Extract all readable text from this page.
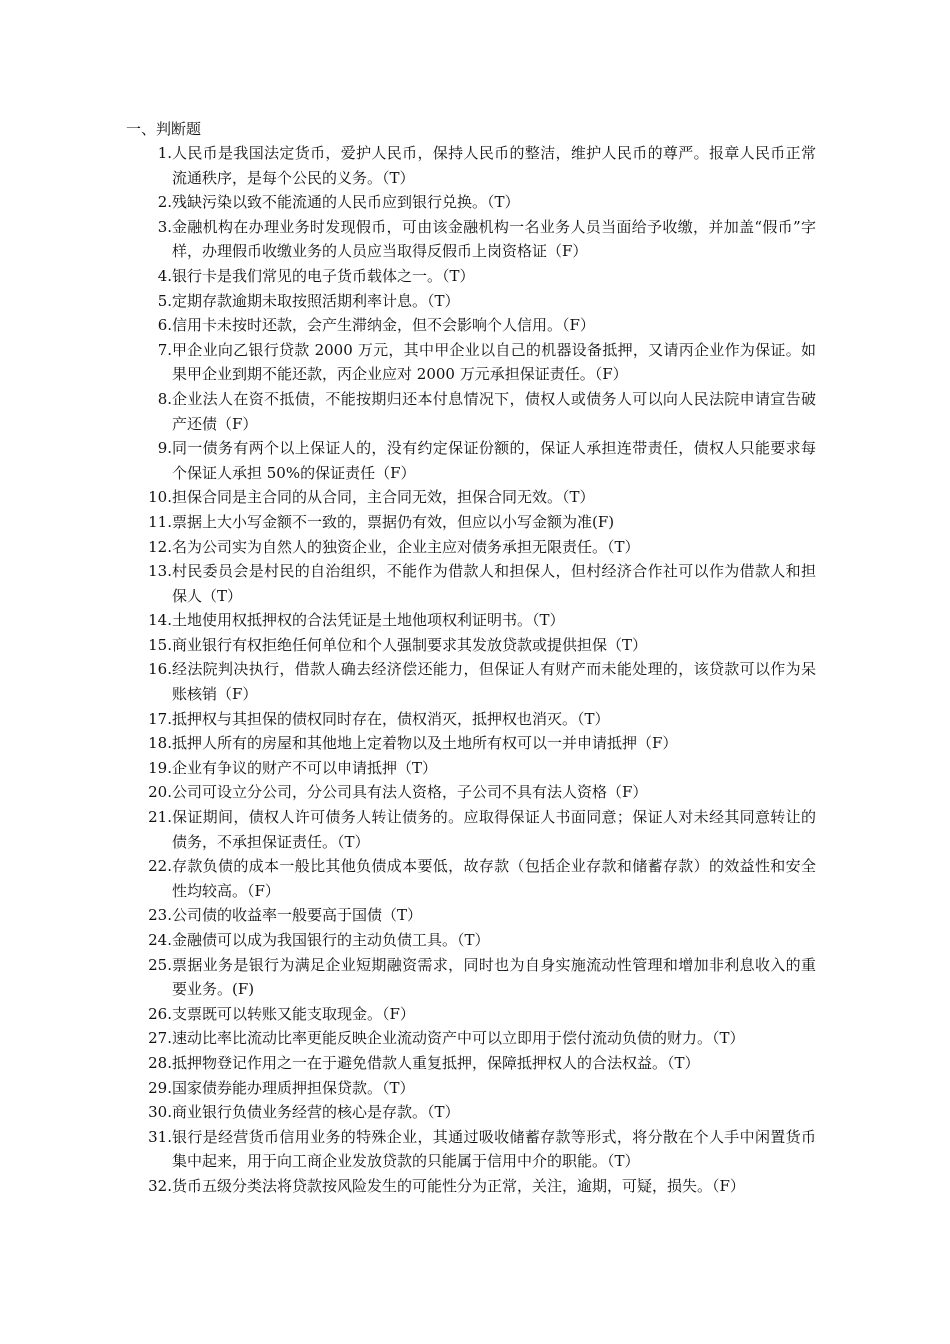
一、判断题
1. 人民币是我国法定货币，爱护人民币，保持人民币的整洁，维护人民币的尊严。报章人民币正常流通秩序，是每个公民的义务。（T）
2. 残缺污染以致不能流通的人民币应到银行兑换。（T）
3. 金融机构在办理业务时发现假币，可由该金融机构一名业务人员当面给予收缴，并加盖“假币”字样，办理假币收缴业务的人员应当取得反假币上岗资格证（F）
4. 银行卡是我们常见的电子货币载体之一。（T）
5. 定期存款逾期未取按照活期利率计息。（T）
6. 信用卡未按时还款，会产生滞纳金，但不会影响个人信用。（F）
7. 甲企业向乙银行贷款 2000 万元，其中甲企业以自己的机器设备抵押，又请丙企业作为保证。如果甲企业到期不能还款，丙企业应对 2000 万元承担保证责任。（F）
8. 企业法人在资不抵债，不能按期归还本付息情况下，债权人或债务人可以向人民法院申请宣告破产还债（F）
9. 同一债务有两个以上保证人的，没有约定保证份额的，保证人承担连带责任，债权人只能要求每个保证人承担 50%的保证责任（F）
10. 担保合同是主合同的从合同，主合同无效，担保合同无效。（T）
11. 票据上大小写金额不一致的，票据仍有效，但应以小写金额为准(F)
12. 名为公司实为自然人的独资企业，企业主应对债务承担无限责任。（T）
13. 村民委员会是村民的自治组织，不能作为借款人和担保人，但村经济合作社可以作为借款人和担保人（T）
14. 土地使用权抵押权的合法凭证是土地他项权利证明书。（T）
15. 商业银行有权拒绝任何单位和个人强制要求其发放贷款或提供担保（T）
16. 经法院判决执行，借款人确去经济偿还能力，但保证人有财产而未能处理的，该贷款可以作为呆账核销（F）
17. 抵押权与其担保的债权同时存在，债权消灭，抵押权也消灭。（T）
18. 抵押人所有的房屋和其他地上定着物以及土地所有权可以一并申请抵押（F）
19. 企业有争议的财产不可以申请抵押（T）
20. 公司可设立分公司，分公司具有法人资格，子公司不具有法人资格（F）
21. 保证期间，债权人许可债务人转让债务的。应取得保证人书面同意；保证人对未经其同意转让的债务，不承担保证责任。（T）
22. 存款负债的成本一般比其他负债成本要低，故存款（包括企业存款和储蓄存款）的效益性和安全性均较高。（F）
23. 公司债的收益率一般要高于国债（T）
24. 金融债可以成为我国银行的主动负债工具。（T）
25. 票据业务是银行为满足企业短期融资需求，同时也为自身实施流动性管理和增加非利息收入的重要业务。(F)
26. 支票既可以转账又能支取现金。（F）
27. 速动比率比流动比率更能反映企业流动资产中可以立即用于偿付流动负债的财力。（T）
28. 抵押物登记作用之一在于避免借款人重复抵押，保障抵押权人的合法权益。（T）
29. 国家债券能办理质押担保贷款。（T）
30. 商业银行负债业务经营的核心是存款。（T）
31. 银行是经营货币信用业务的特殊企业，其通过吸收储蓄存款等形式，将分散在个人手中闲置货币集中起来，用于向工商企业发放贷款的只能属于信用中介的职能。（T）
32. 货币五级分类法将贷款按风险发生的可能性分为正常，关注，逾期，可疑，损失。（F）
